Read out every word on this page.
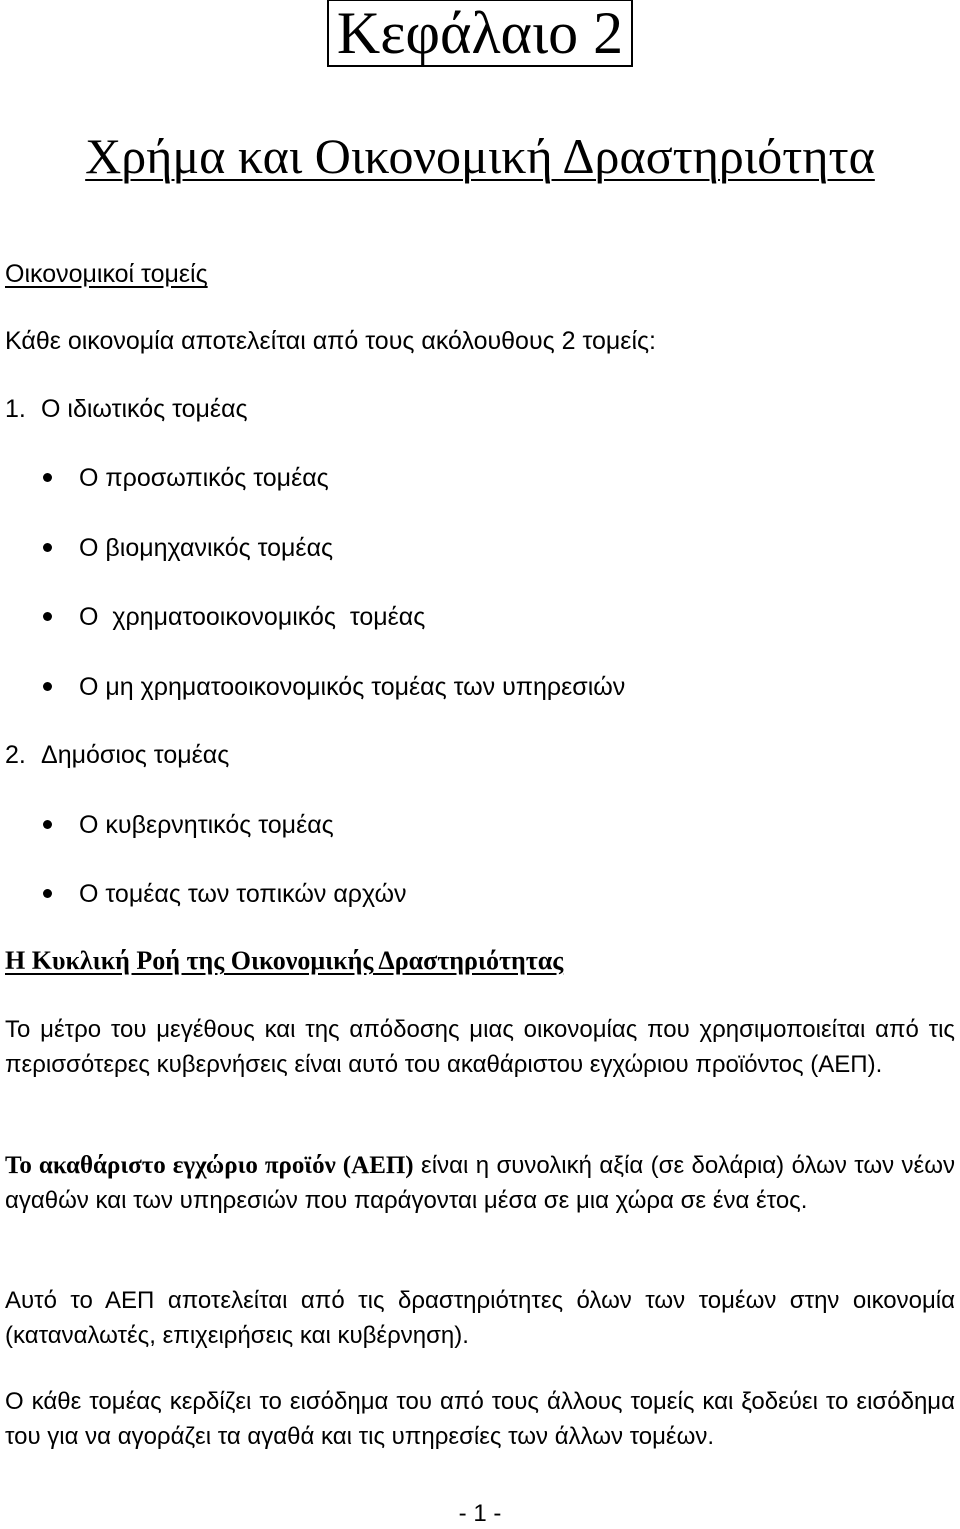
Κεφάλαιο 2
Χρήμα και Οικονομική Δραστηριότητα
Οικονομικοί τομείς
Κάθε οικονομία αποτελείται από τους ακόλουθους 2 τομείς:
1. Ο ιδιωτικός τομέας
Ο προσωπικός τομέας
Ο βιομηχανικός τομέας
Ο  χρηματοοικονομικός  τομέας
Ο μη χρηματοοικονομικός τομέας των υπηρεσιών
2. Δημόσιος τομέας
Ο κυβερνητικός τομέας
Ο τομέας των τοπικών αρχών
Η Κυκλική Ροή της Οικονομικής Δραστηριότητας
Το μέτρο του μεγέθους και της απόδοσης μιας οικονομίας που χρησιμοποιείται από τις περισσότερες κυβερνήσεις είναι αυτό του ακαθάριστου εγχώριου προϊόντος (ΑΕΠ).
Το ακαθάριστο εγχώριο προϊόν (ΑΕΠ) είναι η συνολική αξία (σε δολάρια) όλων των νέων αγαθών και των υπηρεσιών που παράγονται μέσα σε μια χώρα σε ένα έτος.
Αυτό το ΑΕΠ αποτελείται από τις δραστηριότητες όλων των τομέων στην οικονομία (καταναλωτές, επιχειρήσεις και κυβέρνηση).
Ο κάθε τομέας κερδίζει το εισόδημα του από τους άλλους τομείς και ξοδεύει το εισόδημα του για να αγοράζει τα αγαθά και τις υπηρεσίες των άλλων τομέων.
- 1 -
